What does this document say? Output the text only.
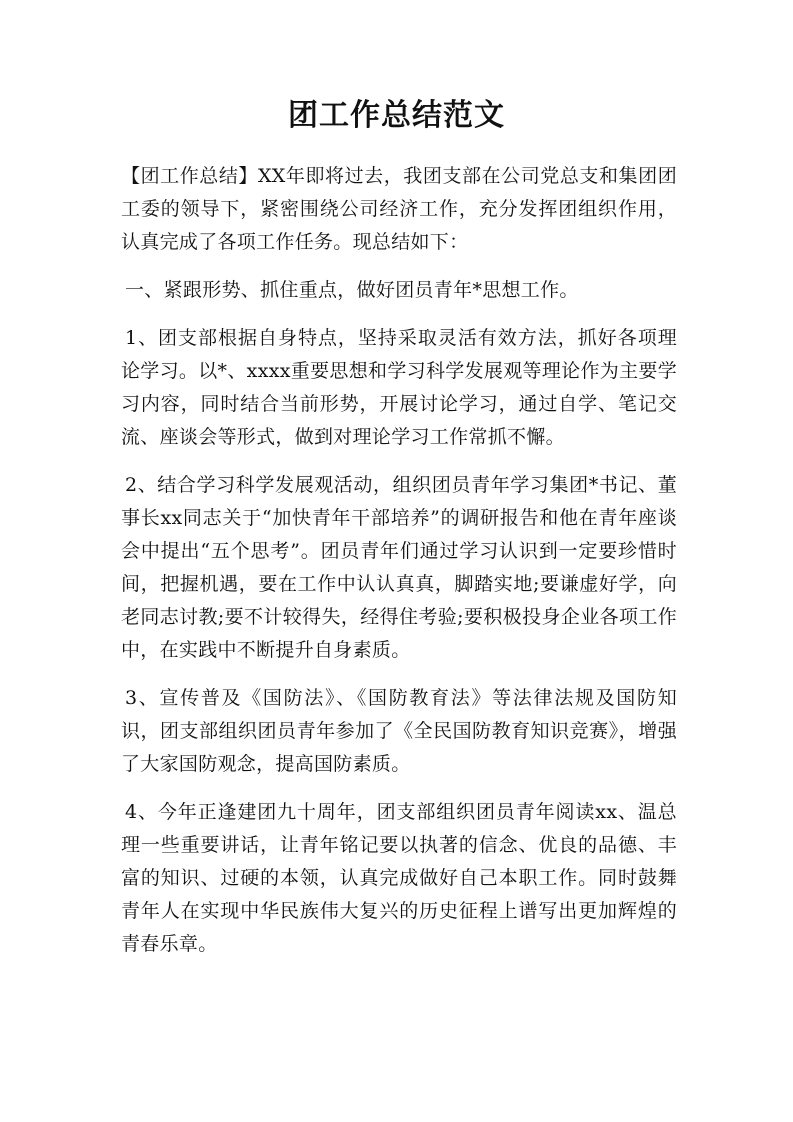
团工作总结范文

【团工作总结】XX年即将过去，我团支部在公司党总支和集团团工委的领导下，紧密围绕公司经济工作，充分发挥团组织作用，认真完成了各项工作任务。现总结如下：

一、紧跟形势、抓住重点，做好团员青年*思想工作。

1、团支部根据自身特点，坚持采取灵活有效方法，抓好各项理论学习。以*、xxxx重要思想和学习科学发展观等理论作为主要学习内容，同时结合当前形势，开展讨论学习，通过自学、笔记交流、座谈会等形式，做到对理论学习工作常抓不懈。

2、结合学习科学发展观活动，组织团员青年学习集团*书记、董事长xx同志关于“加快青年干部培养”的调研报告和他在青年座谈会中提出“五个思考”。团员青年们通过学习认识到一定要珍惜时间，把握机遇，要在工作中认认真真，脚踏实地;要谦虚好学，向老同志讨教;要不计较得失，经得住考验;要积极投身企业各项工作中，在实践中不断提升自身素质。

3、宣传普及《国防法》、《国防教育法》等法律法规及国防知识，团支部组织团员青年参加了《全民国防教育知识竞赛》，增强了大家国防观念，提高国防素质。

4、今年正逢建团九十周年，团支部组织团员青年阅读xx、温总理一些重要讲话，让青年铭记要以执著的信念、优良的品德、丰富的知识、过硬的本领，认真完成做好自己本职工作。同时鼓舞青年人在实现中华民族伟大复兴的历史征程上谱写出更加辉煌的青春乐章。
